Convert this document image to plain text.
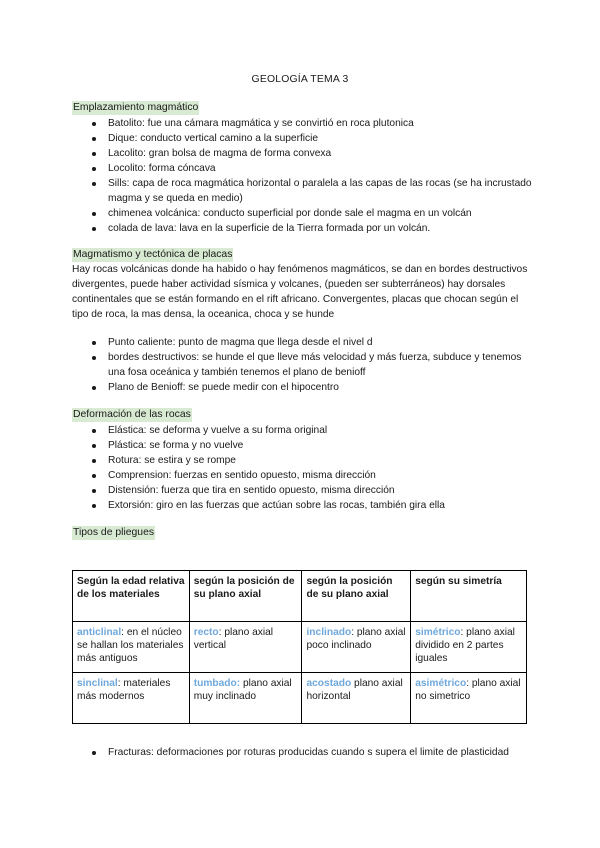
GEOLOGÍA TEMA 3
Emplazamiento magmático
Batolito: fue una cámara magmática y se convirtió en roca plutonica
Dique: conducto vertical camino a la superficie
Lacolito: gran bolsa de magma de forma convexa
Locolito: forma cóncava
Sills: capa de roca magmática horizontal o paralela a las capas de las rocas (se ha incrustado magma y se queda en medio)
chimenea volcánica: conducto superficial por donde sale el magma en un volcán
colada de lava: lava en la superficie de la Tierra formada por un volcán.
Magmatismo y tectónica de placas
Hay rocas volcánicas donde ha habido o hay fenómenos magmáticos, se dan en bordes destructivos divergentes, puede haber actividad sísmica y volcanes, (pueden ser subterráneos) hay dorsales continentales que se están formando en el rift africano. Convergentes, placas que chocan según el tipo de roca, la mas densa, la oceanica, choca y se hunde
Punto caliente: punto de magma que llega desde el nivel d
bordes destructivos: se hunde el que lleve más velocidad y más fuerza, subduce y tenemos una fosa oceánica y también tenemos el plano de benioff
Plano de Benioff: se puede medir con el hipocentro
Deformación de las rocas
Elástica: se deforma y vuelve a su forma original
Plástica: se forma y no vuelve
Rotura: se estira y se rompe
Comprension: fuerzas en sentido opuesto, misma dirección
Distensión: fuerza que tira en sentido opuesto, misma dirección
Extorsión: giro en las fuerzas que actúan sobre las rocas, también gira ella
Tipos de pliegues
Según la edad relativa de los materiales	según la posición de su plano axial	según la posición de su plano axial	según su simetría
anticlinal: en el núcleo se hallan los materiales más antiguos	recto: plano axial vertical	inclinado: plano axial poco inclinado	simétrico: plano axial dividido en 2 partes iguales
sinclinal: materiales más modernos	tumbado: plano axial muy inclinado	acostado plano axial horizontal	asimétrico: plano axial no simetrico
Fracturas: deformaciones por roturas producidas cuando s supera el limite de plasticidad
